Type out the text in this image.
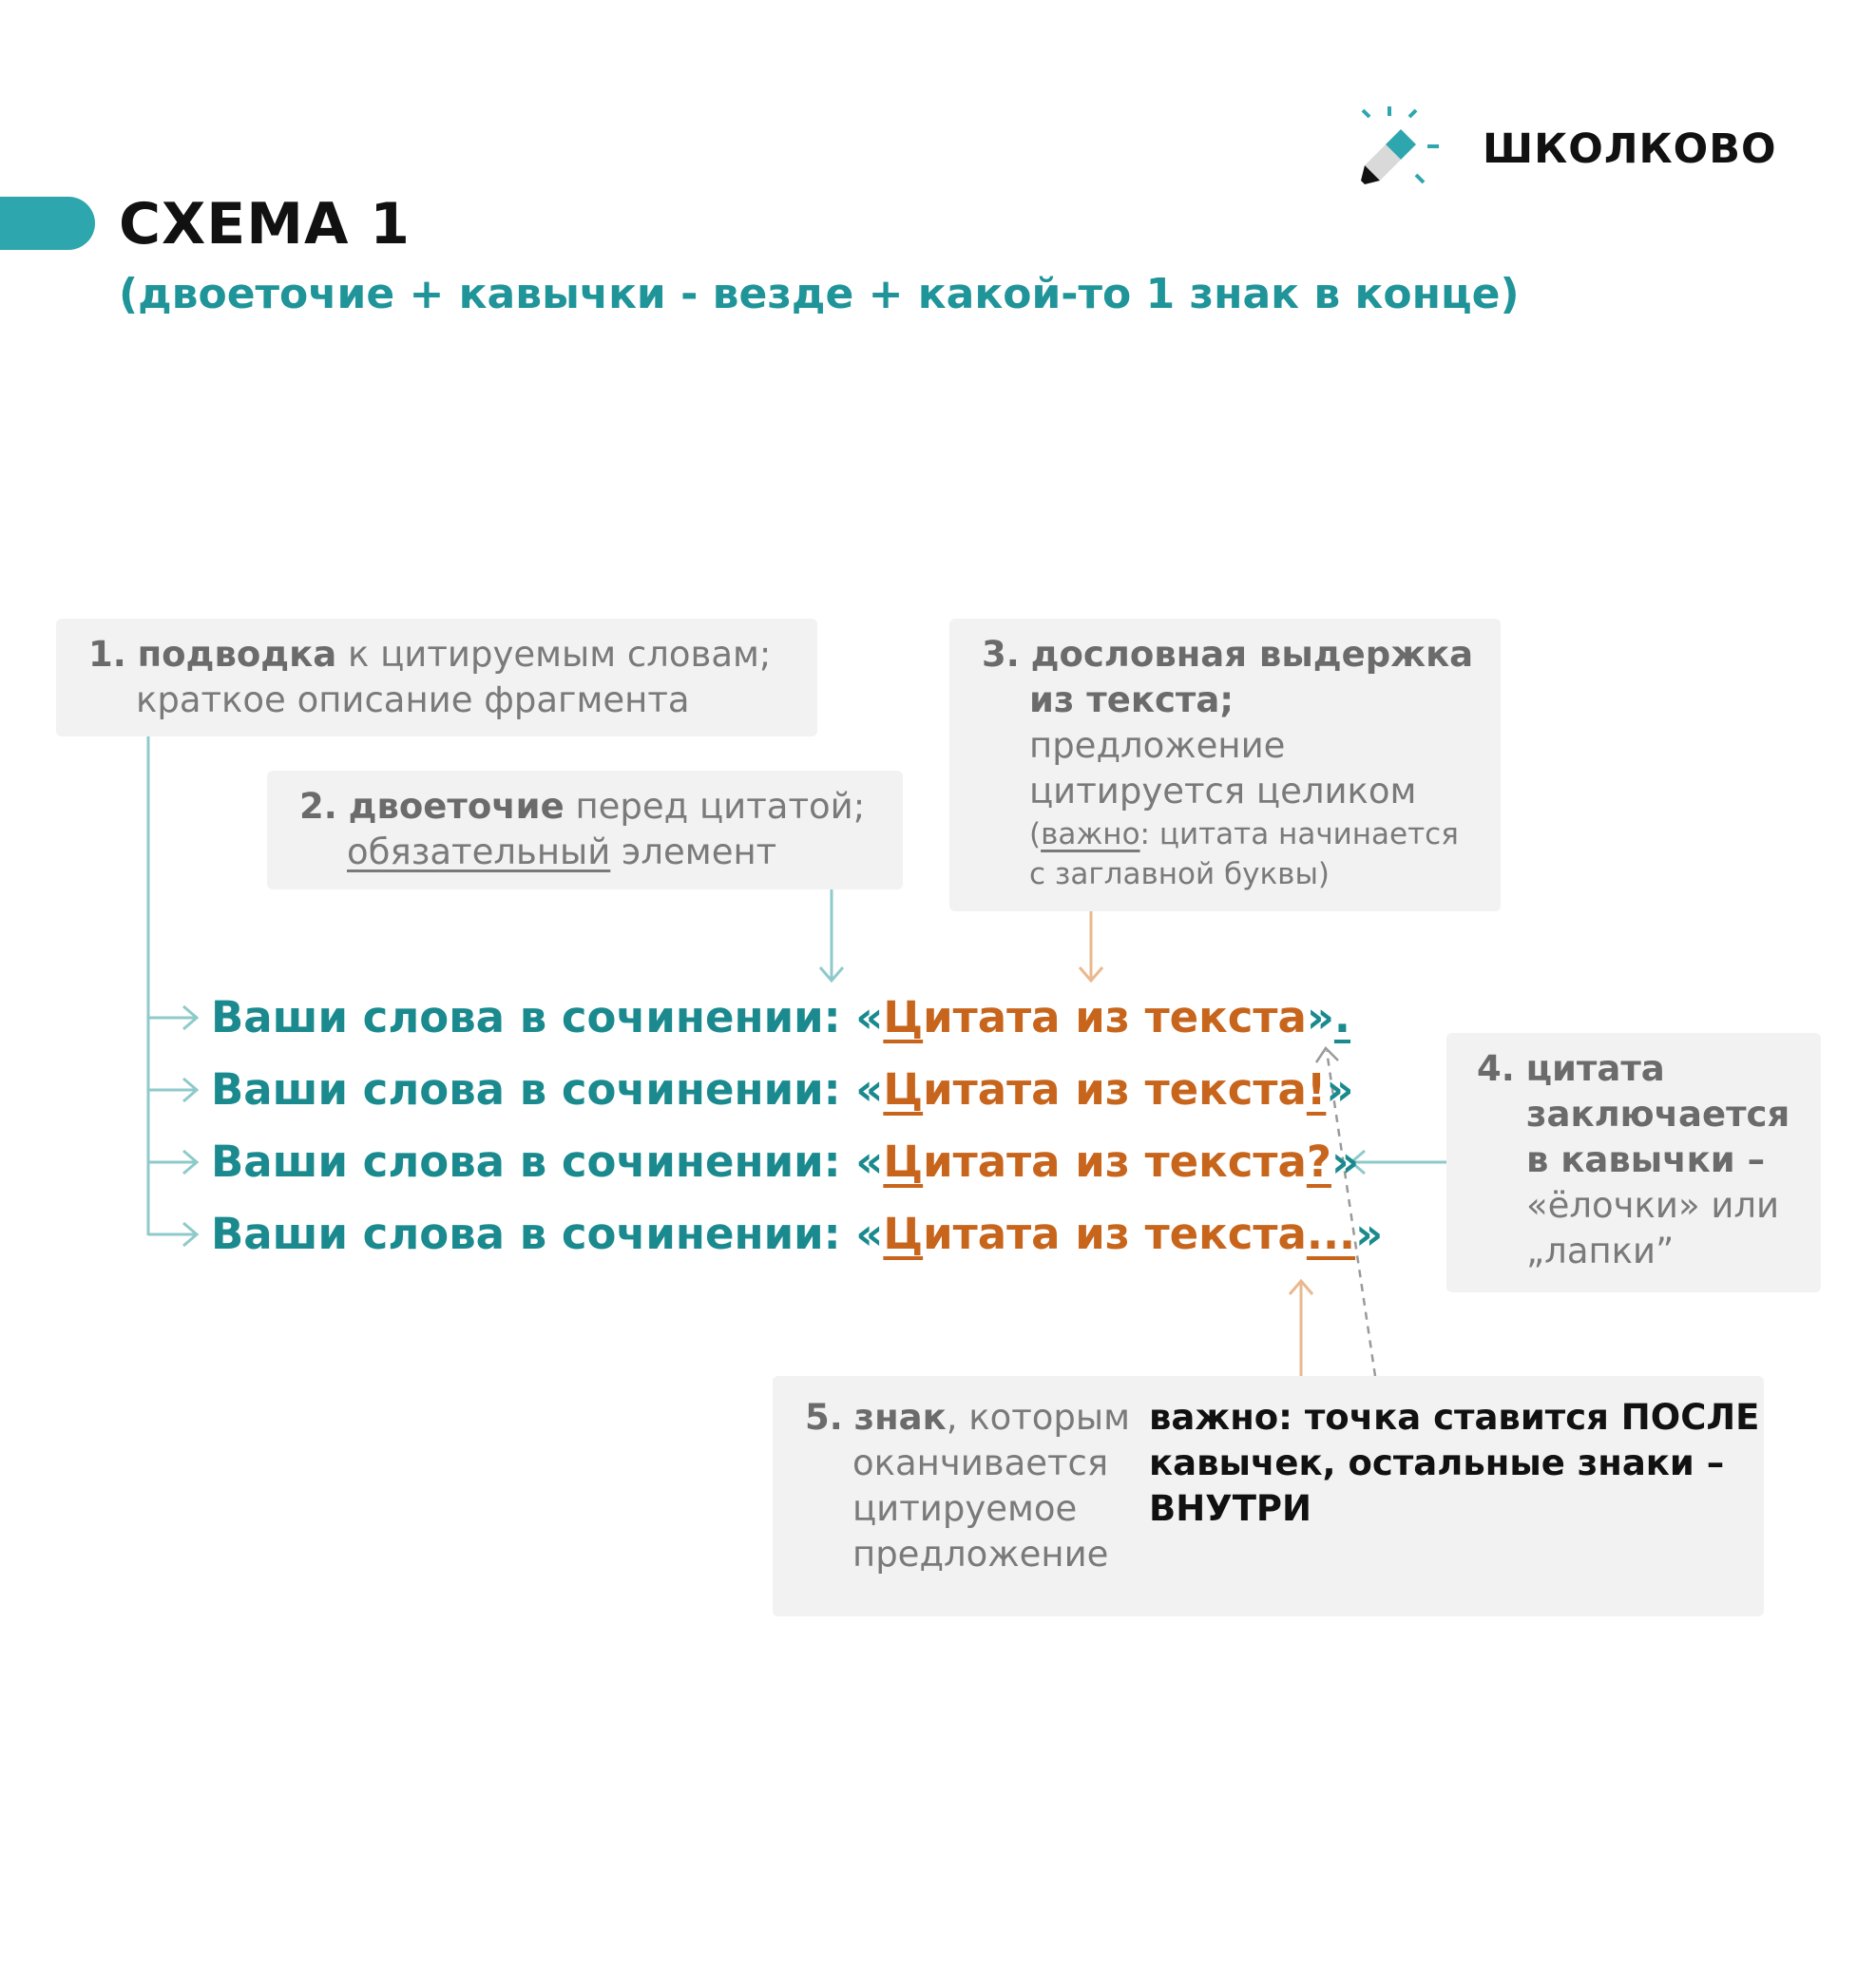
СХЕМА 1
(двоеточие + кавычки - везде + какой-то 1 знак в конце)
ШКОЛКОВО
1. подводка к цитируемым словам;
краткое описание фрагмента
2. двоеточие перед цитатой;
обязательный элемент
3. дословная выдержка
из текста;
предложение
цитируется целиком
(важно: цитата начинается
с заглавной буквы)
4. цитата
заключается
в кавычки –
«ёлочки» или
„лапки”
5. знак, которым
оканчивается
цитируемое
предложение
важно: точка ставится ПОСЛЕ
кавычек, остальные знаки –
ВНУТРИ
Ваши слова в сочинении: «Цитата из текста».
Ваши слова в сочинении: «Цитата из текста!»
Ваши слова в сочинении: «Цитата из текста?»
Ваши слова в сочинении: «Цитата из текста...»
